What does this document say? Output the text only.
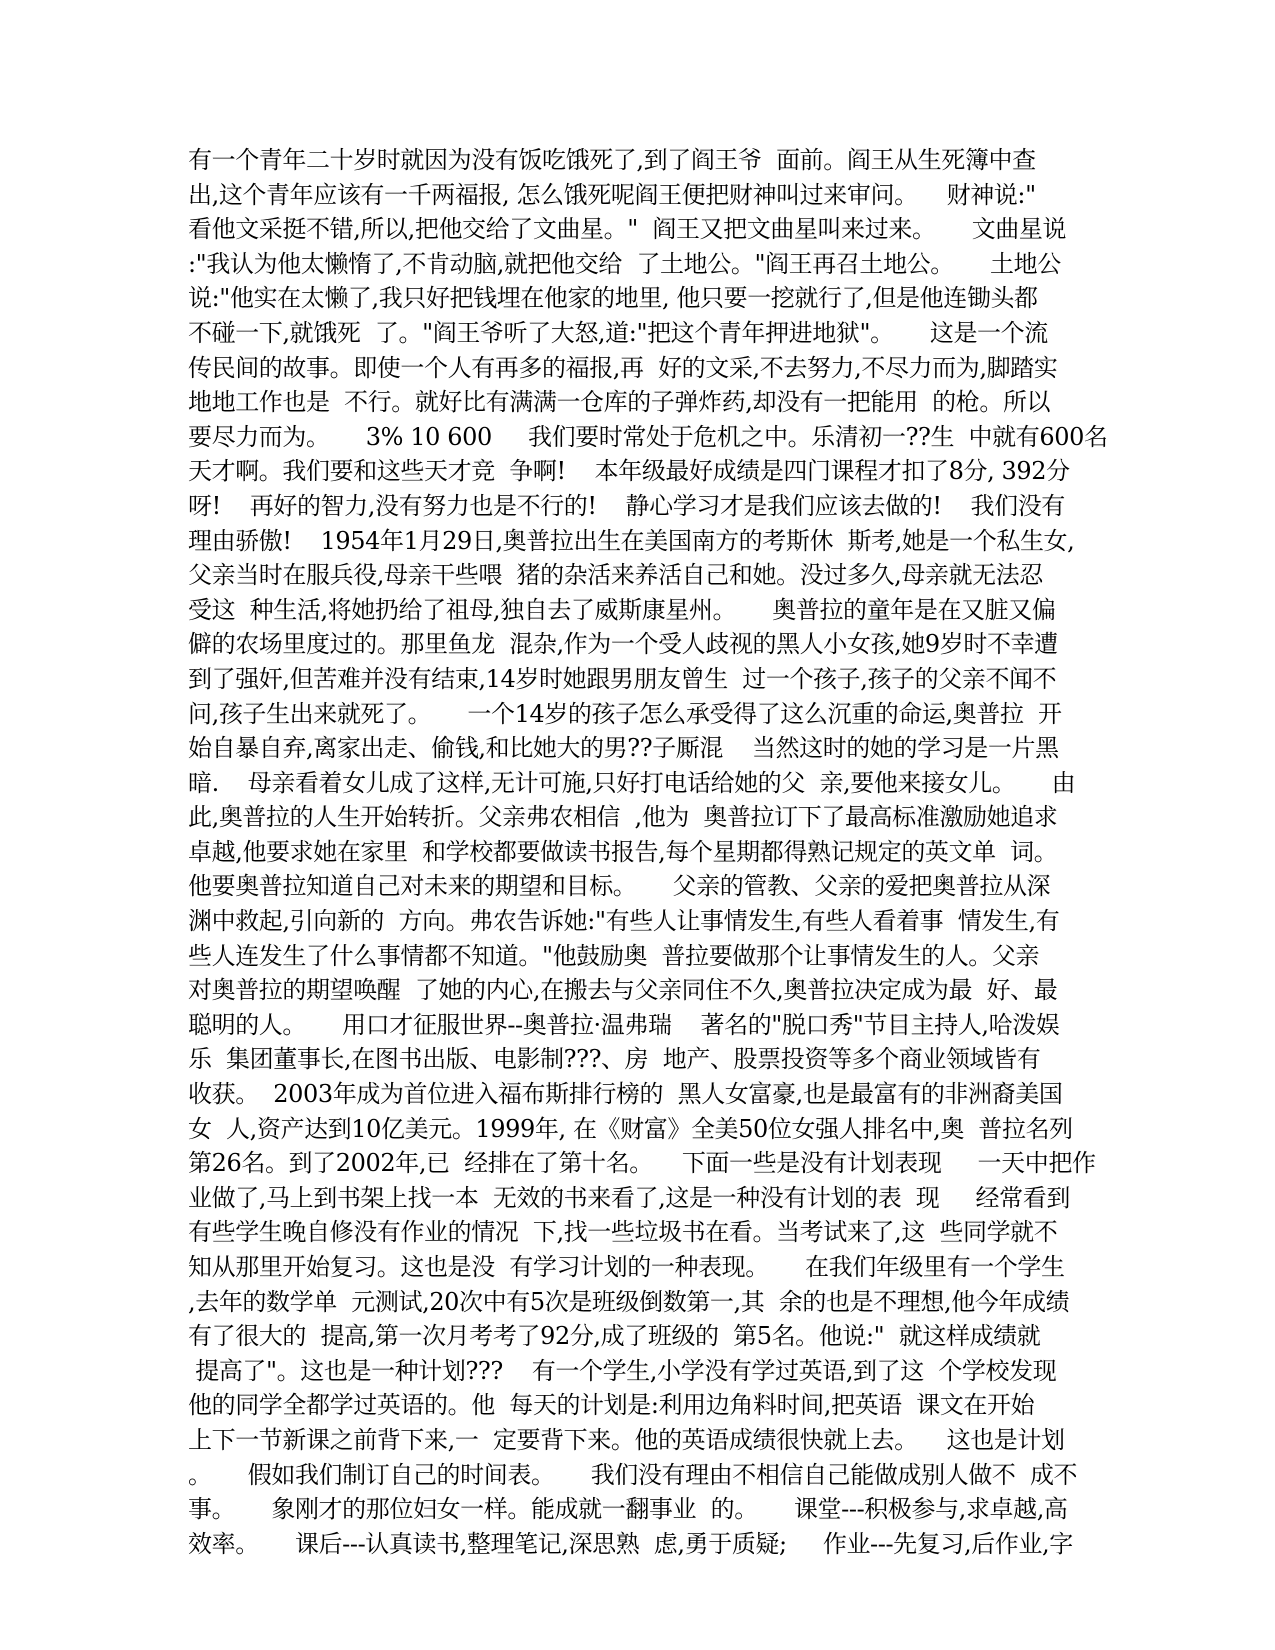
有一个青年二十岁时就因为没有饭吃饿死了,到了阎王爷  面前。阎王从生死簿中查
出,这个青年应该有一千两福报, 怎么饿死呢阎王便把财神叫过来审问。    财神说:"
看他文采挺不错,所以,把他交给了文曲星。"  阎王又把文曲星叫来过来。     文曲星说
:"我认为他太懒惰了,不肯动脑,就把他交给  了土地公。"阎王再召土地公。     土地公
说:"他实在太懒了,我只好把钱埋在他家的地里, 他只要一挖就行了,但是他连锄头都
不碰一下,就饿死  了。"阎王爷听了大怒,道:"把这个青年押进地狱"。     这是一个流
传民间的故事。即使一个人有再多的福报,再  好的文采,不去努力,不尽力而为,脚踏实
地地工作也是  不行。就好比有满满一仓库的子弹炸药,却没有一把能用  的枪。所以
要尽力而为。     3% 10 600     我们要时常处于危机之中。乐清初一??生  中就有600名
天才啊。我们要和这些天才竞  争啊!    本年级最好成绩是四门课程才扣了8分, 392分
呀!    再好的智力,没有努力也是不行的!    静心学习才是我们应该去做的!    我们没有
理由骄傲!    1954年1月29日,奥普拉出生在美国南方的考斯休  斯考,她是一个私生女,
父亲当时在服兵役,母亲干些喂  猪的杂活来养活自己和她。没过多久,母亲就无法忍
受这  种生活,将她扔给了祖母,独自去了威斯康星州。     奥普拉的童年是在又脏又偏
僻的农场里度过的。那里鱼龙  混杂,作为一个受人歧视的黑人小女孩,她9岁时不幸遭
到了强奸,但苦难并没有结束,14岁时她跟男朋友曾生  过一个孩子,孩子的父亲不闻不
问,孩子生出来就死了。     一个14岁的孩子怎么承受得了这么沉重的命运,奥普拉  开
始自暴自弃,离家出走、偷钱,和比她大的男??子厮混    当然这时的她的学习是一片黑
暗.    母亲看着女儿成了这样,无计可施,只好打电话给她的父  亲,要他来接女儿。     由
此,奥普拉的人生开始转折。父亲弗农相信  ,他为  奥普拉订下了最高标准激励她追求
卓越,他要求她在家里  和学校都要做读书报告,每个星期都得熟记规定的英文单  词。
他要奥普拉知道自己对未来的期望和目标。     父亲的管教、父亲的爱把奥普拉从深
渊中救起,引向新的  方向。弗农告诉她:"有些人让事情发生,有些人看着事  情发生,有
些人连发生了什么事情都不知道。"他鼓励奥  普拉要做那个让事情发生的人。父亲
对奥普拉的期望唤醒  了她的内心,在搬去与父亲同住不久,奥普拉决定成为最  好、最
聪明的人。     用口才征服世界--奥普拉·温弗瑞    著名的"脱口秀"节目主持人,哈泼娱
乐  集团董事长,在图书出版、电影制???、房  地产、股票投资等多个商业领域皆有
收获。  2003年成为首位进入福布斯排行榜的  黑人女富豪,也是最富有的非洲裔美国
女  人,资产达到10亿美元。1999年, 在《财富》全美50位女强人排名中,奥  普拉名列
第26名。到了2002年,已  经排在了第十名。    下面一些是没有计划表现     一天中把作
业做了,马上到书架上找一本  无效的书来看了,这是一种没有计划的表  现     经常看到
有些学生晚自修没有作业的情况  下,找一些垃圾书在看。当考试来了,这  些同学就不
知从那里开始复习。这也是没  有学习计划的一种表现。     在我们年级里有一个学生
,去年的数学单  元测试,20次中有5次是班级倒数第一,其  余的也是不理想,他今年成绩
有了很大的  提高,第一次月考考了92分,成了班级的  第5名。他说:"  就这样成绩就
提高了"。这也是一种计划???    有一个学生,小学没有学过英语,到了这  个学校发现
他的同学全都学过英语的。他  每天的计划是:利用边角料时间,把英语  课文在开始
上下一节新课之前背下来,一  定要背下来。他的英语成绩很快就上去。    这也是计划
。     假如我们制订自己的时间表。     我们没有理由不相信自己能做成别人做不  成不
事。     象刚才的那位妇女一样。能成就一翻事业  的。     课堂---积极参与,求卓越,高
效率。     课后---认真读书,整理笔记,深思熟  虑,勇于质疑;     作业---先复习,后作业,字
